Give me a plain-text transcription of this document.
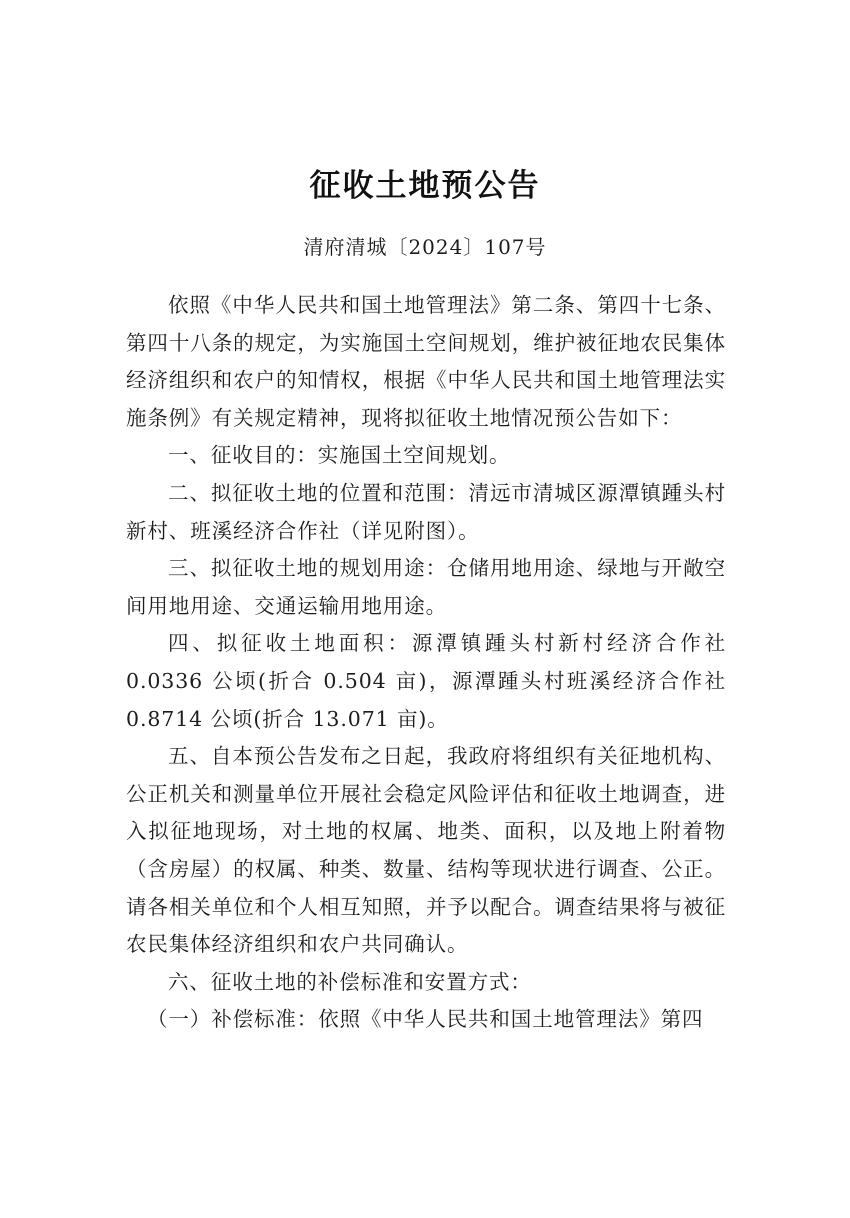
征收土地预公告
清府清城〔2024〕107号

依照《中华人民共和国土地管理法》第二条、第四十七条、第四十八条的规定，为实施国土空间规划，维护被征地农民集体经济组织和农户的知情权，根据《中华人民共和国土地管理法实施条例》有关规定精神，现将拟征收土地情况预公告如下：

一、征收目的：实施国土空间规划。

二、拟征收土地的位置和范围：清远市清城区源潭镇踵头村新村、班溪经济合作社（详见附图）。

三、拟征收土地的规划用途：仓储用地用途、绿地与开敞空间用地用途、交通运输用地用途。

四、拟征收土地面积：源潭镇踵头村新村经济合作社 0.0336 公顷(折合 0.504 亩)，源潭踵头村班溪经济合作社 0.8714 公顷(折合 13.071 亩)。

五、自本预公告发布之日起，我政府将组织有关征地机构、公正机关和测量单位开展社会稳定风险评估和征收土地调查，进入拟征地现场，对土地的权属、地类、面积，以及地上附着物（含房屋）的权属、种类、数量、结构等现状进行调查、公正。请各相关单位和个人相互知照，并予以配合。调查结果将与被征农民集体经济组织和农户共同确认。

六、征收土地的补偿标准和安置方式：

（一）补偿标准：依照《中华人民共和国土地管理法》第四
